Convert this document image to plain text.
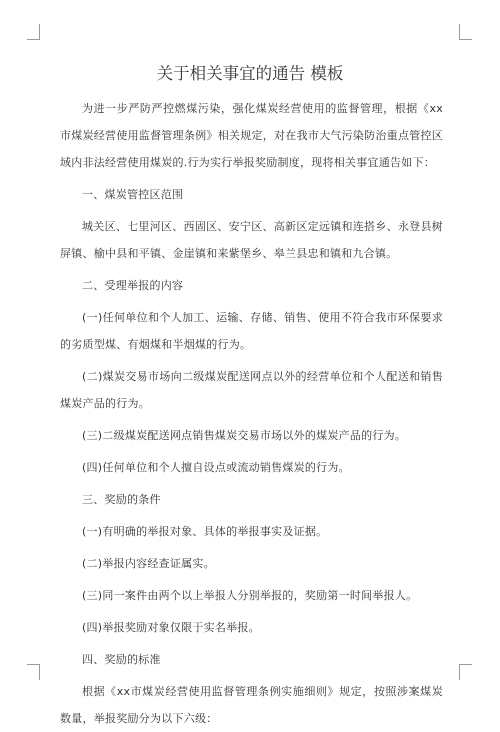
关于相关事宜的通告 模板

为进一步严防严控燃煤污染，强化煤炭经营使用的监督管理，根据《xx市煤炭经营使用监督管理条例》相关规定，对在我市大气污染防治重点管控区域内非法经营使用煤炭的.行为实行举报奖励制度，现将相关事宜通告如下：

一、煤炭管控区范围

城关区、七里河区、西固区、安宁区、高新区定远镇和连搭乡、永登县树屏镇、榆中县和平镇、金崖镇和来紫堡乡、皋兰县忠和镇和九合镇。

二、受理举报的内容

(一)任何单位和个人加工、运输、存储、销售、使用不符合我市环保要求的劣质型煤、有烟煤和半烟煤的行为。

(二)煤炭交易市场向二级煤炭配送网点以外的经营单位和个人配送和销售煤炭产品的行为。

(三)二级煤炭配送网点销售煤炭交易市场以外的煤炭产品的行为。

(四)任何单位和个人擅自设点或流动销售煤炭的行为。

三、奖励的条件

(一)有明确的举报对象、具体的举报事实及证据。

(二)举报内容经查证属实。

(三)同一案件由两个以上举报人分别举报的，奖励第一时间举报人。

(四)举报奖励对象仅限于实名举报。

四、奖励的标准

根据《xx市煤炭经营使用监督管理条例实施细则》规定，按照涉案煤炭数量，举报奖励分为以下六级：
